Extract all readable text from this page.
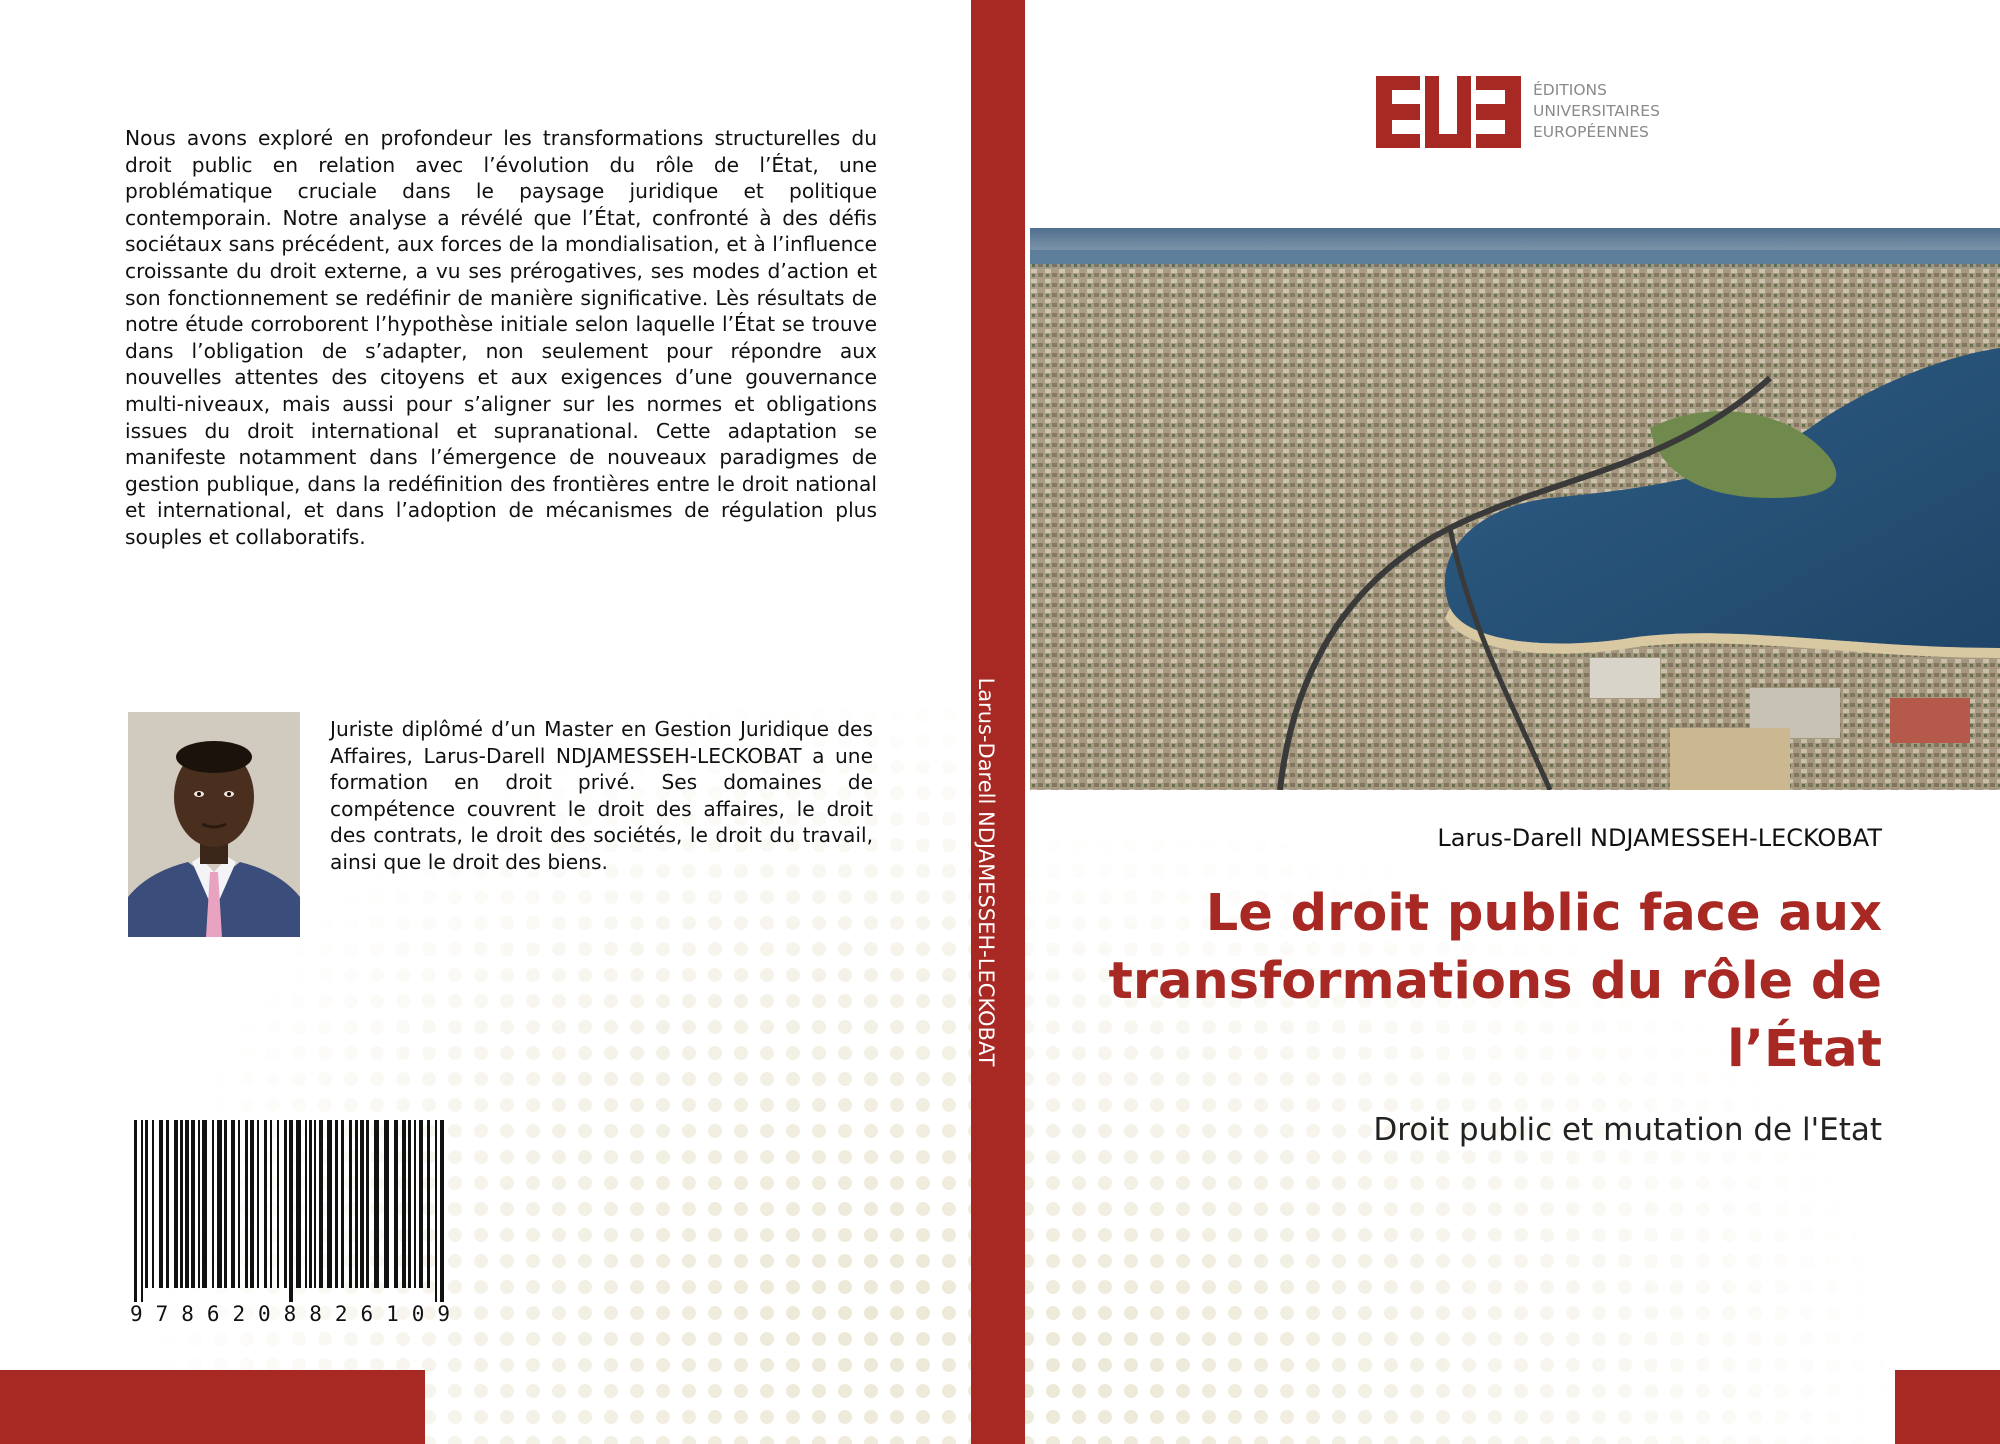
Nous avons exploré en profondeur les transformations structurelles du droit public en relation avec l’évolution du rôle de l’État, une problématique cruciale dans le paysage juridique et politique contemporain. Notre analyse a révélé que l’État, confronté à des défis sociétaux sans précédent, aux forces de la mondialisation, et à l’influence croissante du droit externe, a vu ses prérogatives, ses modes d’action et son fonctionnement se redéfinir de manière significative. Lès résultats de notre étude corroborent l’hypothèse initiale selon laquelle l’État se trouve dans l’obligation de s’adapter, non seulement pour répondre aux nouvelles attentes des citoyens et aux exigences d’une gouvernance multi-niveaux, mais aussi pour s’aligner sur les normes et obligations issues du droit international et supranational. Cette adaptation se manifeste notamment dans l’émergence de nouveaux paradigmes de gestion publique, dans la redéfinition des frontières entre le droit national et international, et dans l’adoption de mécanismes de régulation plus souples et collaboratifs.
Juriste diplômé d’un Master en Gestion Juridique des Affaires, Larus-Darell NDJAMESSEH-LECKOBAT a une formation en droit privé. Ses domaines de compétence couvrent le droit des affaires, le droit des contrats, le droit des sociétés, le droit du travail, ainsi que le droit des biens.
9 7 8 6 2 0 8 8 2 6 1 0 9
Larus-Darell NDJAMESSEH-LECKOBAT
ÉDITIONS
UNIVERSITAIRES
EUROPÉENNES
Larus-Darell NDJAMESSEH-LECKOBAT
Le droit public face aux transformations du rôle de l’État
Droit public et mutation de l'Etat
